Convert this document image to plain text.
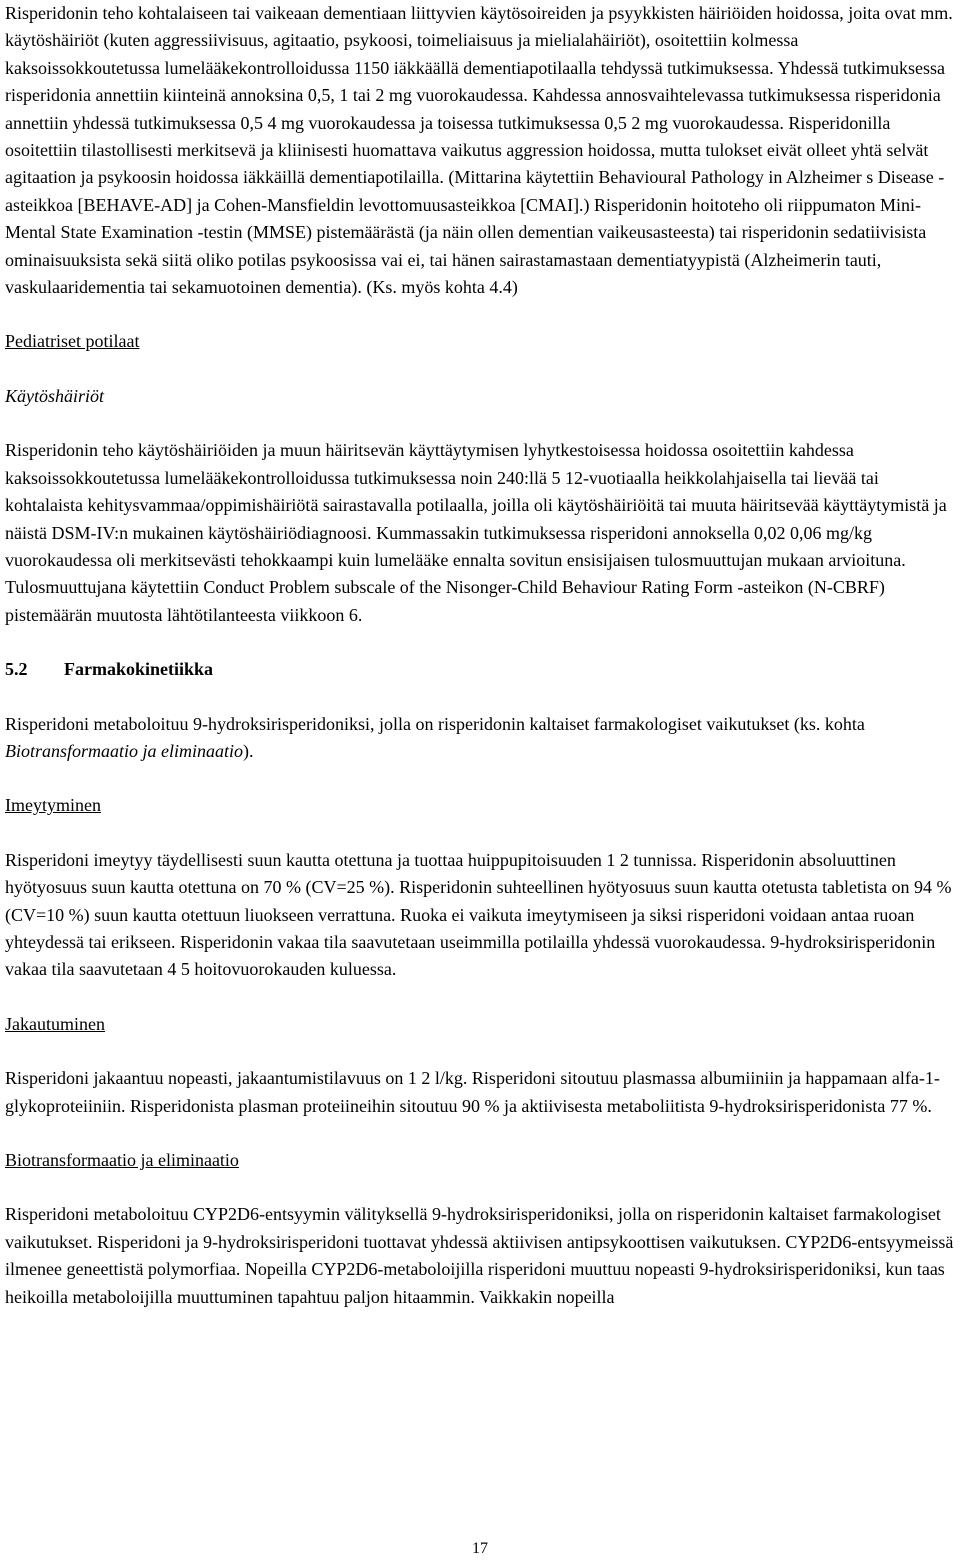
Risperidonin teho kohtalaiseen tai vaikeaan dementiaan liittyvien käytösoireiden ja psyykkisten häiriöiden hoidossa, joita ovat mm. käytöshäiriöt (kuten aggressiivisuus, agitaatio, psykoosi, toimeliaisuus ja mielialahäiriöt), osoitettiin kolmessa kaksoissokkoutetussa lumelääkekontrolloidussa 1150 iäkkäällä dementiapotilaalla tehdyssä tutkimuksessa. Yhdessä tutkimuksessa risperidonia annettiin kiinteinä annoksina 0,5, 1 tai 2 mg vuorokaudessa. Kahdessa annosvaihtelevassa tutkimuksessa risperidonia annettiin yhdessä tutkimuksessa 0,5 4 mg vuorokaudessa ja toisessa tutkimuksessa 0,5 2 mg vuorokaudessa. Risperidonilla osoitettiin tilastollisesti merkitsevä ja kliinisesti huomattava vaikutus aggression hoidossa, mutta tulokset eivät olleet yhtä selvät agitaation ja psykoosin hoidossa iäkkäillä dementiapotilailla. (Mittarina käytettiin Behavioural Pathology in Alzheimer s Disease -asteikkoa [BEHAVE-AD] ja Cohen-Mansfieldin levottomuusasteikkoa [CMAI].) Risperidonin hoitoteho oli riippumaton Mini-Mental State Examination -testin (MMSE) pistemäärästä (ja näin ollen dementian vaikeusasteesta) tai risperidonin sedatiivisista ominaisuuksista sekä siitä oliko potilas psykoosissa vai ei, tai hänen sairastamastaan dementiatyypistä (Alzheimerin tauti, vaskulaaridementia tai sekamuotoinen dementia). (Ks. myös kohta 4.4)

Pediatriset potilaat

Käytöshäiriöt

Risperidonin teho käytöshäiriöiden ja muun häiritsevän käyttäytymisen lyhytkestoisessa hoidossa osoitettiin kahdessa kaksoissokkoutetussa lumelääkekontrolloidussa tutkimuksessa noin 240:llä 5 12-vuotiaalla heikkolahjaisella tai lievää tai kohtalaista kehitysvammaa/oppimishäiriötä sairastavalla potilaalla, joilla oli käytöshäiriöitä tai muuta häiritsevää käyttäytymistä ja näistä DSM-IV:n mukainen käytöshäiriödiagnoosi. Kummassakin tutkimuksessa risperidoni annoksella 0,02 0,06 mg/kg vuorokaudessa oli merkitsevästi tehokkaampi kuin lumelääke ennalta sovitun ensisijaisen tulosmuuttujan mukaan arvioituna. Tulosmuuttujana käytettiin Conduct Problem subscale of the Nisonger-Child Behaviour Rating Form -asteikon (N-CBRF) pistemäärän muutosta lähtötilanteesta viikkoon 6.

5.2 Farmakokinetiikka

Risperidoni metaboloituu 9-hydroksirisperidoniksi, jolla on risperidonin kaltaiset farmakologiset vaikutukset (ks. kohta Biotransformaatio ja eliminaatio).

Imeytyminen

Risperidoni imeytyy täydellisesti suun kautta otettuna ja tuottaa huippupitoisuuden 1 2 tunnissa. Risperidonin absoluuttinen hyötyosuus suun kautta otettuna on 70 % (CV=25 %). Risperidonin suhteellinen hyötyosuus suun kautta otetusta tabletista on 94 % (CV=10 %) suun kautta otettuun liuokseen verrattuna. Ruoka ei vaikuta imeytymiseen ja siksi risperidoni voidaan antaa ruoan yhteydessä tai erikseen. Risperidonin vakaa tila saavutetaan useimmilla potilailla yhdessä vuorokaudessa. 9-hydroksirisperidonin vakaa tila saavutetaan 4 5 hoitovuorokauden kuluessa.

Jakautuminen

Risperidoni jakaantuu nopeasti, jakaantumistilavuus on 1 2 l/kg. Risperidoni sitoutuu plasmassa albumiiniin ja happamaan alfa-1-glykoproteiiniin. Risperidonista plasman proteiineihin sitoutuu 90 % ja aktiivisesta metaboliitista 9-hydroksirisperidonista 77 %.

Biotransformaatio ja eliminaatio

Risperidoni metaboloituu CYP2D6-entsyymin välityksellä 9-hydroksirisperidoniksi, jolla on risperidonin kaltaiset farmakologiset vaikutukset. Risperidoni ja 9-hydroksirisperidoni tuottavat yhdessä aktiivisen antipsykoottisen vaikutuksen. CYP2D6-entsyymeissä ilmenee geneettistä polymorfiaa. Nopeilla CYP2D6-metaboloijilla risperidoni muuttuu nopeasti 9-hydroksirisperidoniksi, kun taas heikoilla metaboloijilla muuttuminen tapahtuu paljon hitaammin. Vaikkakin nopeilla

17
